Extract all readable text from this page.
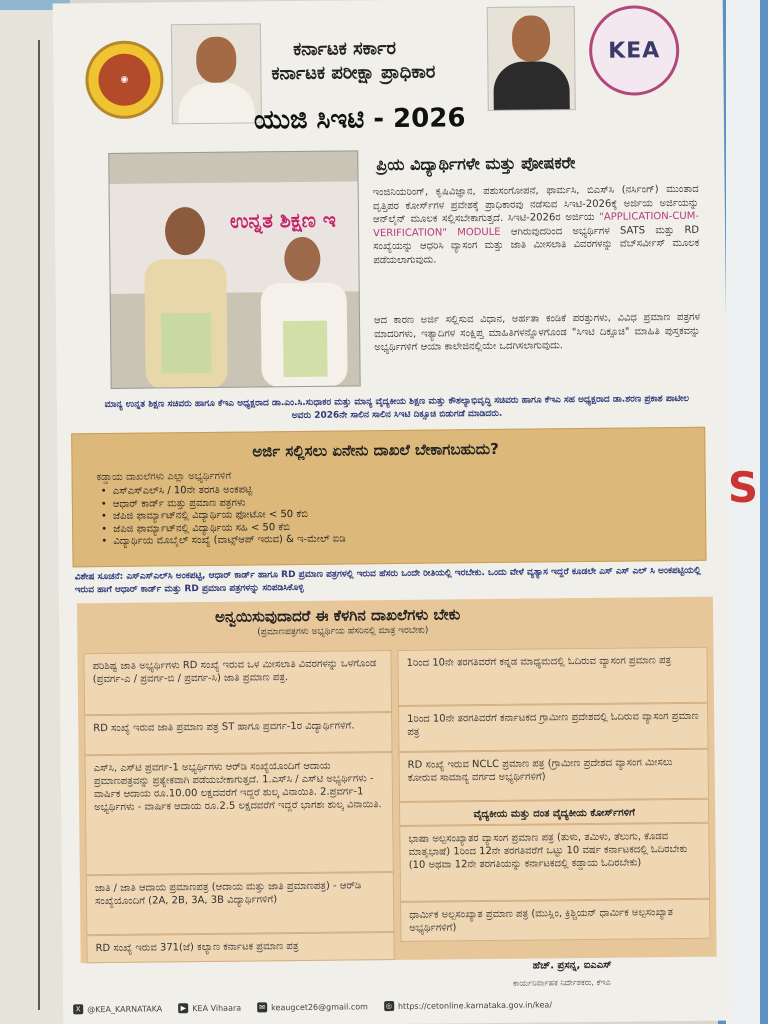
S
◉
ಕರ್ನಾಟಕ ಸರ್ಕಾರ
ಕರ್ನಾಟಕ ಪರೀಕ್ಷಾ ಪ್ರಾಧಿಕಾರ
KEA
ಯುಜಿ ಸಿಇಟಿ - 2026
ಉನ್ನತ ಶಿಕ್ಷಣ ಇ
ಪ್ರಿಯ ವಿದ್ಯಾರ್ಥಿಗಳೇ ಮತ್ತು ಪೋಷಕರೇ
ಇಂಜಿನಿಯರಿಂಗ್, ಕೃಷಿವಿಜ್ಞಾನ, ಪಶುಸಂಗೋಪನೆ, ಫಾರ್ಮಸಿ, ಬಿಎಸ್‌ಸಿ (ನರ್ಸಿಂಗ್) ಮುಂತಾದ ವೃತ್ತಿಪರ ಕೋರ್ಸ್‌ಗಳ ಪ್ರವೇಶಕ್ಕೆ ಪ್ರಾಧಿಕಾರವು ನಡೆಸುವ ಸಿಇಟಿ-2026ಕ್ಕೆ ಅರ್ಜಿಯ ಅರ್ಜಿಯನ್ನು ಆನ್‌ಲೈನ್ ಮೂಲಕ ಸಲ್ಲಿಸಬೇಕಾಗುತ್ತದೆ. ಸಿಇಟಿ-2026ರ ಅರ್ಜಿಯ "APPLICATION-CUM-VERIFICATION" MODULE ಆಗಿರುವುದರಿಂದ ಅಭ್ಯರ್ಥಿಗಳ SATS ಮತ್ತು RD ಸಂಖ್ಯೆಯನ್ನು ಆಧರಿಸಿ ವ್ಯಾಸಂಗ ಮತ್ತು ಜಾತಿ ಮೀಸಲಾತಿ ವಿವರಗಳನ್ನು ವೆಬ್‌ಸರ್ವೀಸ್ ಮೂಲಕ ಪಡೆಯಲಾಗುವುದು.
ಆದ ಕಾರಣ ಅರ್ಜಿ ಸಲ್ಲಿಸುವ ವಿಧಾನ, ಅರ್ಹತಾ ಕಂಡಿಕೆ ಪರತ್ತುಗಳು, ವಿವಿಧ ಪ್ರಮಾಣ ಪತ್ರಗಳ ಮಾದರಿಗಳು, ಇತ್ಯಾದಿಗಳ ಸಂಕ್ಷಿಪ್ತ ಮಾಹಿತಿಗಳನ್ನೊಳಗೊಂಡ "ಸಿಇಟಿ ದಿಕ್ಸೂಚಿ" ಮಾಹಿತಿ ಪುಸ್ತಕವನ್ನು ಅಭ್ಯರ್ಥಿಗಳಿಗೆ ಆಯಾ ಕಾಲೇಜಿನಲ್ಲಿಯೇ ಒದಗಿಸಲಾಗುವುದು.
ಮಾನ್ಯ ಉನ್ನತ ಶಿಕ್ಷಣ ಸಚಿವರು ಹಾಗೂ ಕೆಇಎ ಅಧ್ಯಕ್ಷರಾದ ಡಾ.ಎಂ.ಸಿ.ಸುಧಾಕರ ಮತ್ತು ಮಾನ್ಯ ವೈದ್ಯಕೀಯ ಶಿಕ್ಷಣ ಮತ್ತು ಕೌಶಲ್ಯಾಭಿವೃದ್ಧಿ ಸಚಿವರು ಹಾಗೂ ಕೆಇಎ ಸಹ ಅಧ್ಯಕ್ಷರಾದ ಡಾ.ಶರಣ ಪ್ರಕಾಶ ಪಾಟೀಲ ಅವರು 2026ನೇ ಸಾಲಿನ ಸಾಲಿನ ಸಿಇಟಿ ದಿಕ್ಸೂಚಿ ಬಿಡುಗಡೆ ಮಾಡಿದರು.
ಅರ್ಜಿ ಸಲ್ಲಿಸಲು ಏನೇನು ದಾಖಲೆ ಬೇಕಾಗಬಹುದು?
ಕಡ್ಡಾಯ ದಾಖಲೆಗಳು ಎಲ್ಲಾ ಅಭ್ಯರ್ಥಿಗಳಿಗೆ
• ಎಸ್‌ಎಸ್‌ಎಲ್‌ಸಿ / 10ನೇ ತರಗತಿ ಅಂಕಪಟ್ಟಿ
• ಆಧಾರ್ ಕಾರ್ಡ್ ಮತ್ತು ಪ್ರಮಾಣ ಪತ್ರಗಳು
• ಜೆಪಿಜಿ ಫಾರ್ಮ್ಯಾಟ್‌ನಲ್ಲಿ ವಿದ್ಯಾರ್ಥಿಯ ಫೋಟೋ < 50 ಕೆಬಿ
• ಜೆಪಿಜಿ ಫಾರ್ಮ್ಯಾಟ್‌ನಲ್ಲಿ ವಿದ್ಯಾರ್ಥಿಯ ಸಹಿ < 50 ಕೆಬಿ
• ವಿದ್ಯಾರ್ಥಿಯ ಮೊಬೈಲ್ ಸಂಖ್ಯೆ (ವಾಟ್ಸ್‌ಆಪ್ ಇರುವ) & ಇ-ಮೇಲ್ ಐಡಿ
ವಿಶೇಷ ಸೂಚನೆ: ಎಸ್‌ಎಸ್‌ಎಲ್‌ಸಿ ಅಂಕಪಟ್ಟಿ, ಆಧಾರ್ ಕಾರ್ಡ್ ಹಾಗೂ RD ಪ್ರಮಾಣ ಪತ್ರಗಳಲ್ಲಿ ಇರುವ ಹೆಸರು ಒಂದೇ ರೀತಿಯಲ್ಲಿ ಇರಬೇಕು. ಒಂದು ವೇಳೆ ವ್ಯತ್ಯಾಸ ಇದ್ದರೆ ಕೂಡಲೇ ಎಸ್ ಎಸ್ ಎಲ್ ಸಿ ಅಂಕಪಟ್ಟಿಯಲ್ಲಿ ಇರುವ ಹಾಗೆ ಆಧಾರ್ ಕಾರ್ಡ್ ಮತ್ತು RD ಪ್ರಮಾಣ ಪತ್ರಗಳನ್ನು ಸರಿಪಡಿಸಿಕೊಳ್ಳಿ
ಅನ್ವಯಿಸುವುದಾದರೆ ಈ ಕೆಳಗಿನ ದಾಖಲೆಗಳು ಬೇಕು
(ಪ್ರಮಾಣಪತ್ರಗಳು ಅಭ್ಯರ್ಥಿಯ ಹೆಸರಿನಲ್ಲಿ ಮಾತ್ರ ಇರಬೇಕು)
ಪರಿಶಿಷ್ಟ ಜಾತಿ ಅಭ್ಯರ್ಥಿಗಳು RD ಸಂಖ್ಯೆ ಇರುವ ಒಳ ಮೀಸಲಾತಿ ವಿವರಗಳನ್ನು ಒಳಗೊಂಡ (ಪ್ರವರ್ಗ-ಎ / ಪ್ರವರ್ಗ-ಬಿ / ಪ್ರವರ್ಗ-ಸಿ) ಜಾತಿ ಪ್ರಮಾಣ ಪತ್ರ.
RD ಸಂಖ್ಯೆ ಇರುವ ಜಾತಿ ಪ್ರಮಾಣ ಪತ್ರ ST ಹಾಗೂ ಪ್ರವರ್ಗ-1ರ ವಿದ್ಯಾರ್ಥಿಗಳಿಗೆ.
ಎಸ್‌ಸಿ, ಎಸ್‌ಟಿ ಪ್ರವರ್ಗ-1 ಅಭ್ಯರ್ಥಿಗಳು ಆರ್‌ಡಿ ಸಂಖ್ಯೆಯೊಂದಿಗೆ ಆದಾಯ ಪ್ರಮಾಣಪತ್ರವನ್ನು ಪ್ರತ್ಯೇಕವಾಗಿ ಪಡೆಯಬೇಕಾಗುತ್ತದೆ. 1.ಎಸ್‌ಸಿ / ಎಸ್‌ಟಿ ಅಭ್ಯರ್ಥಿಗಳು - ವಾರ್ಷಿಕ ಆದಾಯ ರೂ.10.00 ಲಕ್ಷದವರೆಗೆ ಇದ್ದರೆ ಶುಲ್ಕ ವಿನಾಯಿತಿ. 2.ಪ್ರವರ್ಗ-1 ಅಭ್ಯರ್ಥಿಗಳು - ವಾರ್ಷಿಕ ಆದಾಯ ರೂ.2.5 ಲಕ್ಷದವರೆಗೆ ಇದ್ದರೆ ಭಾಗಶಃ ಶುಲ್ಕ ವಿನಾಯಿತಿ.
ಜಾತಿ / ಜಾತಿ ಆದಾಯ ಪ್ರಮಾಣಪತ್ರ (ಆದಾಯ ಮತ್ತು ಜಾತಿ ಪ್ರಮಾಣಪತ್ರ) - ಆರ್‌ಡಿ ಸಂಖ್ಯೆಯೊಂದಿಗೆ (2A, 2B, 3A, 3B ವಿದ್ಯಾರ್ಥಿಗಳಿಗೆ)
RD ಸಂಖ್ಯೆ ಇರುವ 371(ಜೆ) ಕಲ್ಯಾಣ ಕರ್ನಾಟಕ ಪ್ರಮಾಣ ಪತ್ರ
1ರಿಂದ 10ನೇ ತರಗತಿವರೆಗೆ ಕನ್ನಡ ಮಾಧ್ಯಮದಲ್ಲಿ ಓದಿರುವ ವ್ಯಾಸಂಗ ಪ್ರಮಾಣ ಪತ್ರ
1ರಿಂದ 10ನೇ ತರಗತಿವರೆಗೆ ಕರ್ನಾಟಕದ ಗ್ರಾಮೀಣ ಪ್ರದೇಶದಲ್ಲಿ ಓದಿರುವ ವ್ಯಾಸಂಗ ಪ್ರಮಾಣ ಪತ್ರ
RD ಸಂಖ್ಯೆ ಇರುವ NCLC ಪ್ರಮಾಣ ಪತ್ರ (ಗ್ರಾಮೀಣ ಪ್ರದೇಶದ ವ್ಯಾಸಂಗ ಮೀಸಲು ಕೋರುವ ಸಾಮಾನ್ಯ ವರ್ಗದ ಅಭ್ಯರ್ಥಿಗಳಿಗೆ)
ವೈದ್ಯಕೀಯ ಮತ್ತು ದಂತ ವೈದ್ಯಕೀಯ ಕೋರ್ಸ್‌ಗಳಿಗೆ
ಭಾಷಾ ಅಲ್ಪಸಂಖ್ಯಾತರ ವ್ಯಾಸಂಗ ಪ್ರಮಾಣ ಪತ್ರ (ತುಳು, ತಮಿಳು, ತೆಲುಗು, ಕೊಡವ ಮಾತೃಭಾಷೆ) 1ರಿಂದ 12ನೇ ತರಗತಿವರೆಗೆ ಒಟ್ಟು 10 ವರ್ಷ ಕರ್ನಾಟಕದಲ್ಲಿ ಓದಿರಬೇಕು (10 ಅಥವಾ 12ನೇ ತರಗತಿಯನ್ನು ಕರ್ನಾಟಕದಲ್ಲಿ ಕಡ್ಡಾಯ ಓದಿರಬೇಕು)
ಧಾರ್ಮಿಕ ಅಲ್ಪಸಂಖ್ಯಾತ ಪ್ರಮಾಣ ಪತ್ರ (ಮುಸ್ಲಿಂ, ಕ್ರಿಶ್ಚಿಯನ್ ಧಾರ್ಮಿಕ ಅಲ್ಪಸಂಖ್ಯಾತ ಅಭ್ಯರ್ಥಿಗಳಿಗೆ)
ಹೆಚ್. ಪ್ರಸನ್ನ, ಐಎಎಸ್
ಕಾರ್ಯನಿರ್ವಾಹಕ ನಿರ್ದೇಶಕರು, ಕೆಇಎ
X @KEA_KARNATAKA	▶ KEA Vihaara	✉ keaugcet26@gmail.com	◎ https://cetonline.karnataka.gov.in/kea/
